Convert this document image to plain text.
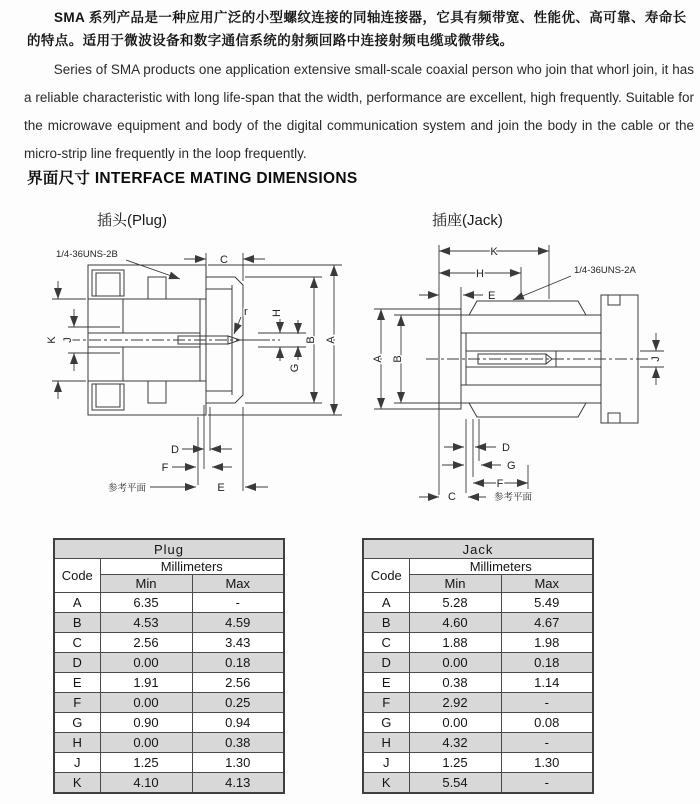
SMA 系列产品是一种应用广泛的小型螺纹连接的同轴连接器，它具有频带宽、性能优、高可靠、寿命长的特点。适用于微波设备和数字通信系统的射频回路中连接射频电缆或微带线。

Series of SMA products one application extensive small-scale coaxial person who join that whorl join, it has a reliable characteristic with long life-span that the width, performance are excellent, high frequently. Suitable for the microwave equipment and body of the digital communication system and join the body in the cable or the micro-strip line frequently in the loop frequently.

界面尺寸 INTERFACE MATING DIMENSIONS
插头(Plug)	插座(Jack)
C
1/4-36UNS-2B
K J
r H
G
B A
D
F
参考平面	E
K
H
E
1/4-36UNS-2A
A B	J
D
G
F
C	参考平面
Plug		
Code	Millimeters	
	Min	Max
A	6.35	-
B	4.53	4.59
C	2.56	3.43
D	0.00	0.18
E	1.91	2.56
F	0.00	0.25
G	0.90	0.94
H	0.00	0.38
J	1.25	1.30
K	4.10	4.13
Jack		
Code	Millimeters	
	Min	Max
A	5.28	5.49
B	4.60	4.67
C	1.88	1.98
D	0.00	0.18
E	0.38	1.14
F	2.92	-
G	0.00	0.08
H	4.32	-
J	1.25	1.30
K	5.54	-
